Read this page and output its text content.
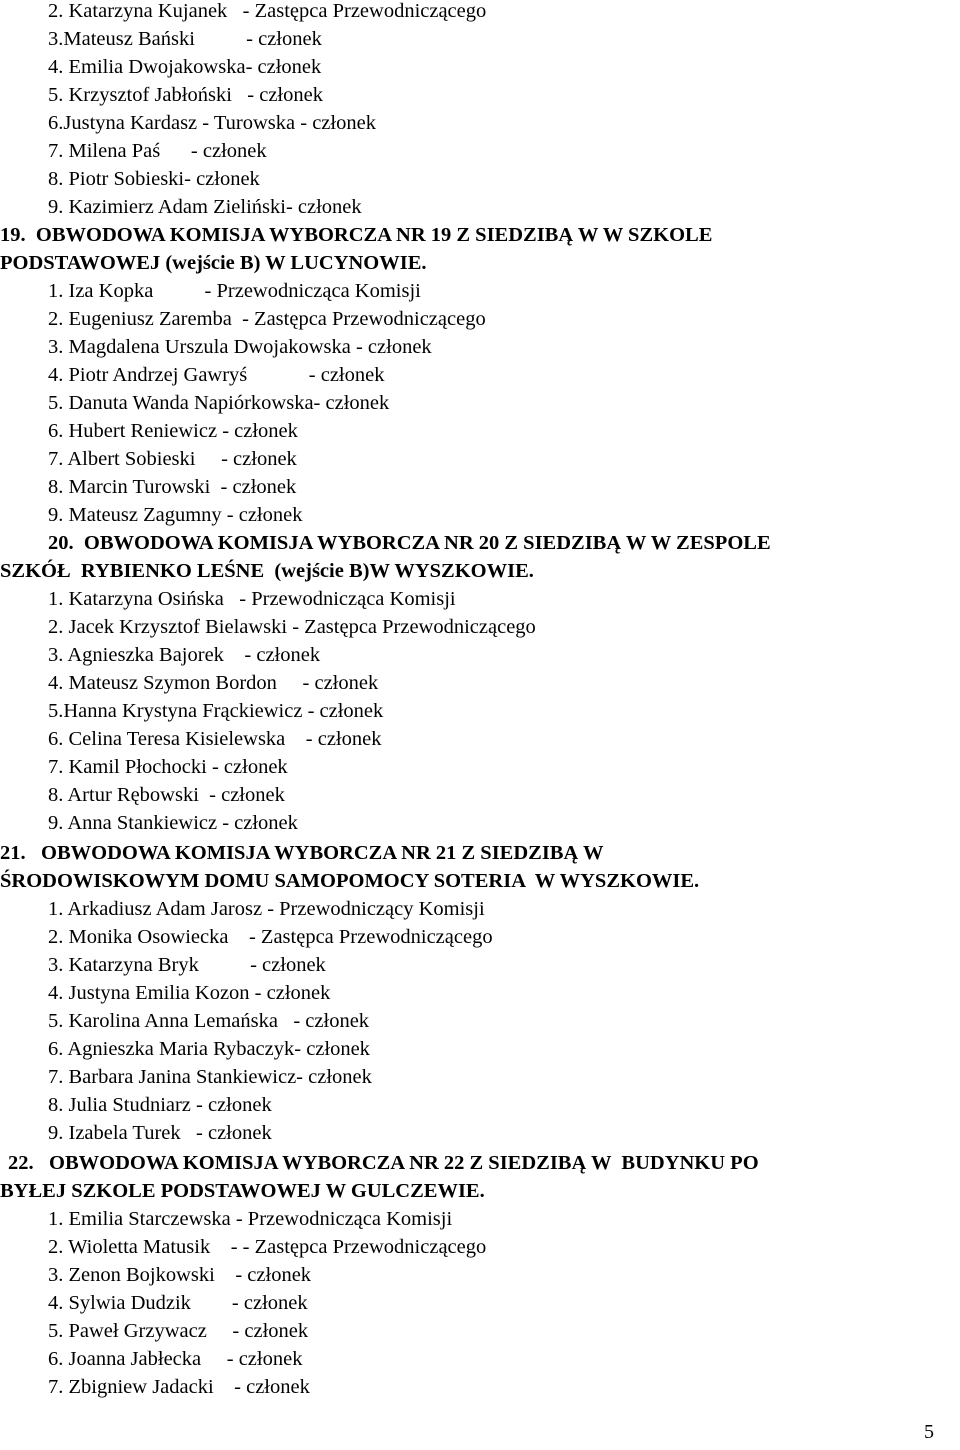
2. Katarzyna Kujanek   - Zastępca Przewodniczącego
3.Mateusz Bański          - członek
4. Emilia Dwojakowska- członek
5. Krzysztof Jabłoński   - członek
6.Justyna Kardasz - Turowska - członek
7. Milena Paś      - członek
8. Piotr Sobieski- członek
9. Kazimierz Adam Zieliński- członek
19.  OBWODOWA KOMISJA WYBORCZA NR 19 Z SIEDZIBĄ W W SZKOLE
PODSTAWOWEJ (wejście B) W LUCYNOWIE.
1. Iza Kopka          - Przewodnicząca Komisji
2. Eugeniusz Zaremba  - Zastępca Przewodniczącego
3. Magdalena Urszula Dwojakowska - członek
4. Piotr Andrzej Gawryś            - członek
5. Danuta Wanda Napiórkowska- członek
6. Hubert Reniewicz - członek
7. Albert Sobieski     - członek
8. Marcin Turowski  - członek
9. Mateusz Zagumny - członek
20.  OBWODOWA KOMISJA WYBORCZA NR 20 Z SIEDZIBĄ W W ZESPOLE
SZKÓŁ  RYBIENKO LEŚNE  (wejście B)W WYSZKOWIE.
1. Katarzyna Osińska   - Przewodnicząca Komisji
2. Jacek Krzysztof Bielawski - Zastępca Przewodniczącego
3. Agnieszka Bajorek    - członek
4. Mateusz Szymon Bordon     - członek
5.Hanna Krystyna Frąckiewicz - członek
6. Celina Teresa Kisielewska    - członek
7. Kamil Płochocki - członek
8. Artur Rębowski  - członek
9. Anna Stankiewicz - członek
21.   OBWODOWA KOMISJA WYBORCZA NR 21 Z SIEDZIBĄ W
ŚRODOWISKOWYM DOMU SAMOPOMOCY SOTERIA  W WYSZKOWIE.
1. Arkadiusz Adam Jarosz - Przewodniczący Komisji
2. Monika Osowiecka    - Zastępca Przewodniczącego
3. Katarzyna Bryk          - członek
4. Justyna Emilia Kozon - członek
5. Karolina Anna Lemańska   - członek
6. Agnieszka Maria Rybaczyk- członek
7. Barbara Janina Stankiewicz- członek
8. Julia Studniarz - członek
9. Izabela Turek   - członek
22.   OBWODOWA KOMISJA WYBORCZA NR 22 Z SIEDZIBĄ W  BUDYNKU PO
BYŁEJ SZKOLE PODSTAWOWEJ W GULCZEWIE.
1. Emilia Starczewska - Przewodnicząca Komisji
2. Wioletta Matusik    - - Zastępca Przewodniczącego
3. Zenon Bojkowski    - członek
4. Sylwia Dudzik        - członek
5. Paweł Grzywacz     - członek
6. Joanna Jabłecka     - członek
7. Zbigniew Jadacki    - członek
5
